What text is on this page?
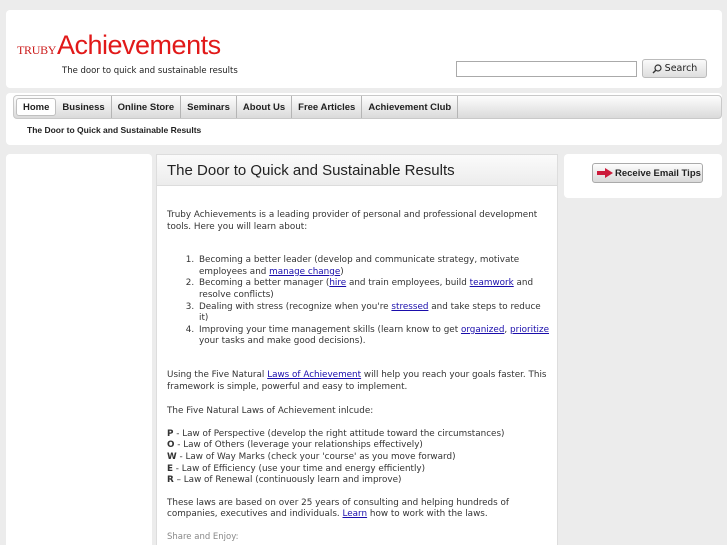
TRUBY Achievements
The door to quick and sustainable results	Search
Home	Business	Online Store	Seminars	About Us	Free Articles	Achievement Club
The Door to Quick and Sustainable Results
The Door to Quick and Sustainable Results

Truby Achievements is a leading provider of personal and professional development tools. Here you will learn about:

1. Becoming a better leader (develop and communicate strategy, motivate employees and manage change)
2. Becoming a better manager (hire and train employees, build teamwork and resolve conflicts)
3. Dealing with stress (recognize when you're stressed and take steps to reduce it)
4. Improving your time management skills (learn know to get organized, prioritize your tasks and make good decisions).

Using the Five Natural Laws of Achievement will help you reach your goals faster. This framework is simple, powerful and easy to implement.

The Five Natural Laws of Achievement inlcude:

P - Law of Perspective (develop the right attitude toward the circumstances)
O - Law of Others (leverage your relationships effectively)
W - Law of Way Marks (check your 'course' as you move forward)
E - Law of Efficiency (use your time and energy efficiently)
R – Law of Renewal (continuously learn and improve)

These laws are based on over 25 years of consulting and helping hundreds of companies, executives and individuals. Learn how to work with the laws.

Share and Enjoy:
Receive Email Tips
